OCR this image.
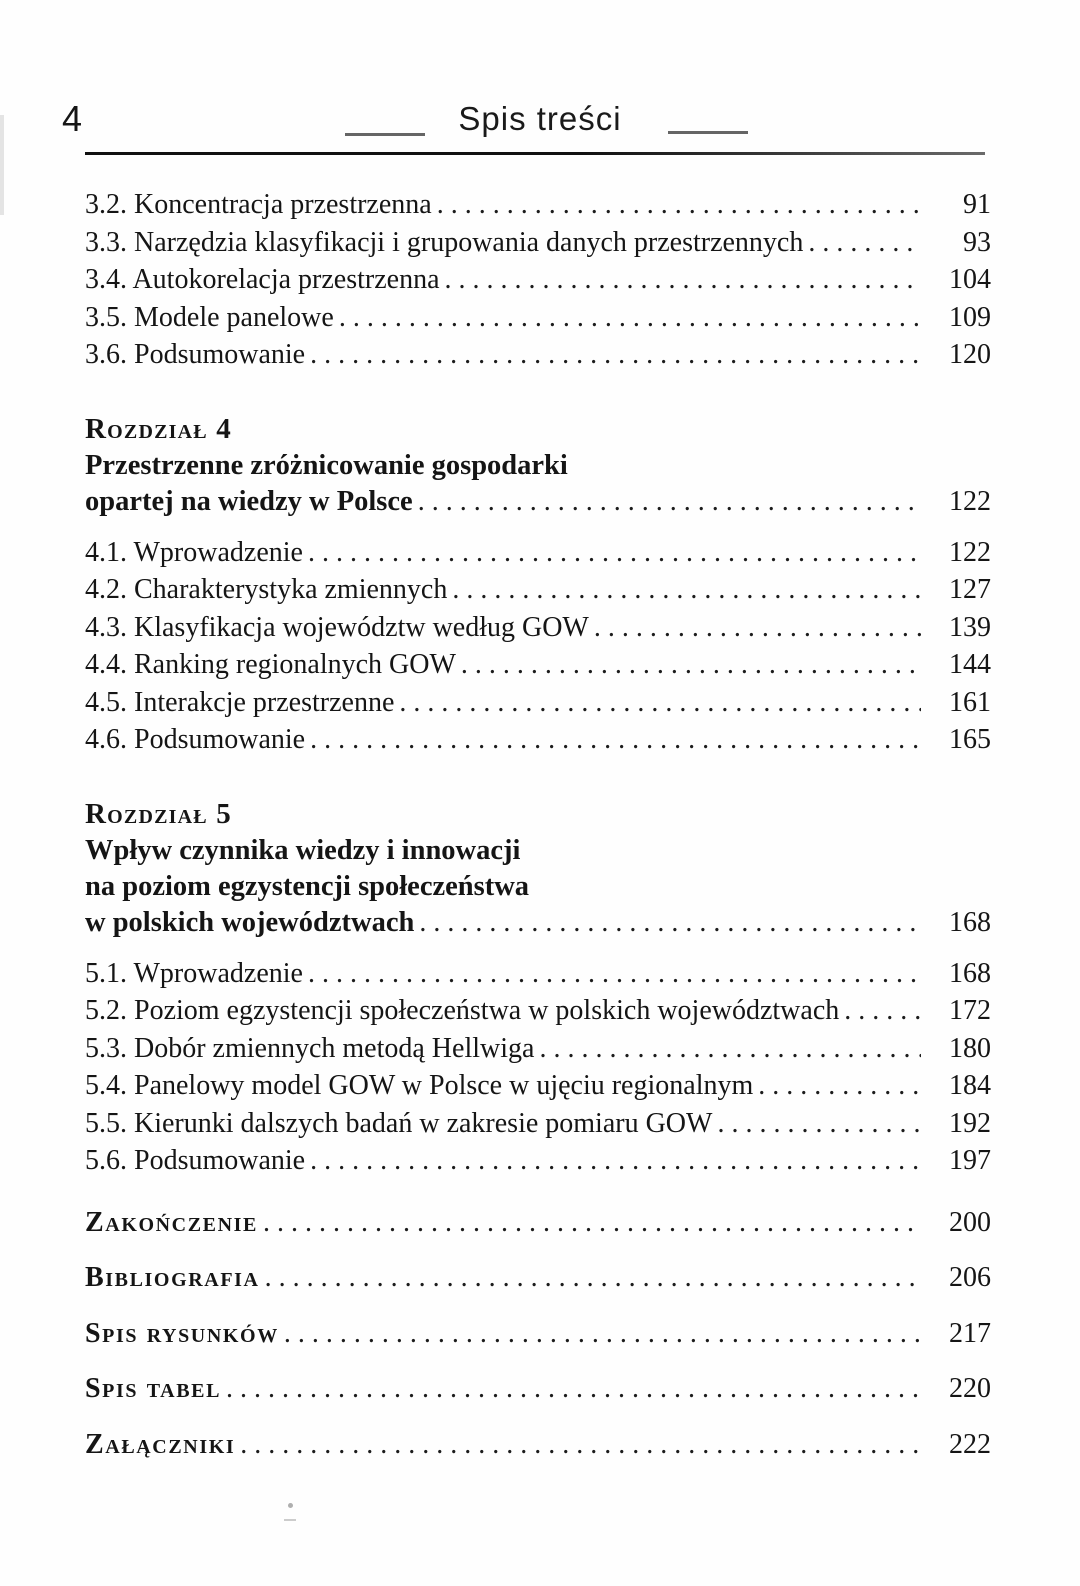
4	Spis treści
3.2. Koncentracja przestrzenna . . .	91
3.3. Narzędzia klasyfikacji i grupowania danych przestrzennych . . .	93
3.4. Autokorelacja przestrzenna . . .	104
3.5. Modele panelowe . . .	109
3.6. Podsumowanie . . .	120
Rozdział 4
Przestrzenne zróżnicowanie gospodarki
opartej na wiedzy w Polsce . . .	122
4.1. Wprowadzenie . . .	122
4.2. Charakterystyka zmiennych . . .	127
4.3. Klasyfikacja województw według GOW . . .	139
4.4. Ranking regionalnych GOW . . .	144
4.5. Interakcje przestrzenne . . .	161
4.6. Podsumowanie . . .	165
Rozdział 5
Wpływ czynnika wiedzy i innowacji
na poziom egzystencji społeczeństwa
w polskich województwach . . .	168
5.1. Wprowadzenie . . .	168
5.2. Poziom egzystencji społeczeństwa w polskich województwach . . .	172
5.3. Dobór zmiennych metodą Hellwiga . . .	180
5.4. Panelowy model GOW w Polsce w ujęciu regionalnym . . .	184
5.5. Kierunki dalszych badań w zakresie pomiaru GOW . . .	192
5.6. Podsumowanie . . .	197
Zakończenie . . .	200
Bibliografia . . .	206
Spis rysunków . . .	217
Spis tabel . . .	220
Załączniki . . .	222
